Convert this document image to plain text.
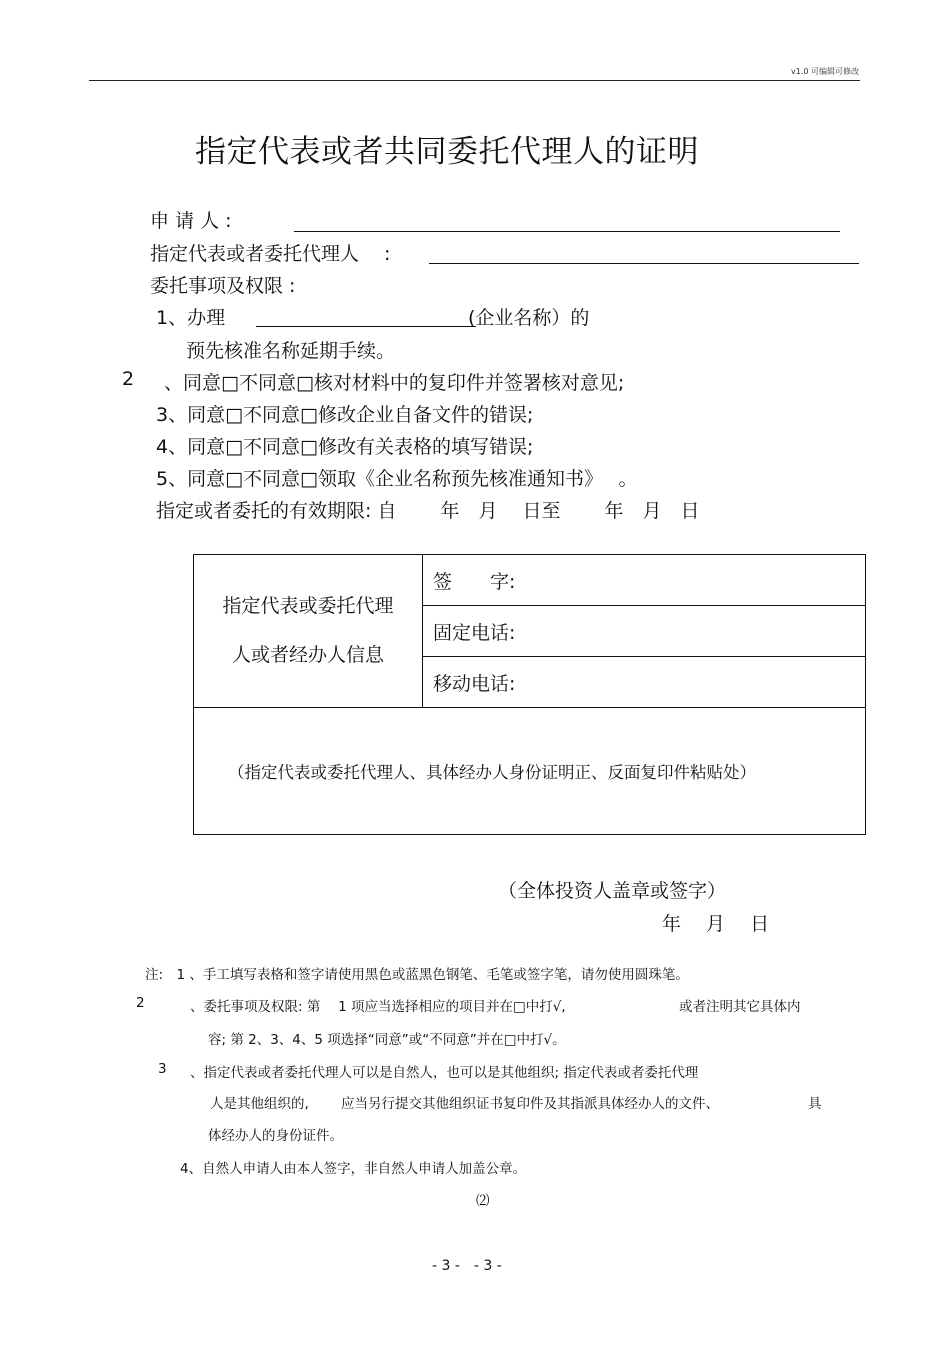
v1.0 可编辑可修改
指定代表或者共同委托代理人的证明
申 请 人 :
指定代表或者委托代理人　 :
委托事项及权限 :
1、办理	(企业名称）的
预先核准名称延期手续。
2 、同意□不同意□核对材料中的复印件并签署核对意见;
3、同意□不同意□修改企业自备文件的错误;
4、同意□不同意□修改有关表格的填写错误;
5、同意□不同意□领取《企业名称预先核准通知书》　 。
指定或者委托的有效期限: 自　　 年　月　 日至　　 年　月　日
指定代表或委托代理
人或者经办人信息
	签　　字:
固定电话:
移动电话:
（指定代表或委托代理人、具体经办人身份证明正、反面复印件粘贴处）
（全体投资人盖章或签字）
年　 月　 日
注:　1 、手工填写表格和签字请使用黑色或蓝黑色钢笔、毛笔或签字笔，请勿使用圆珠笔。
2	、委托事项及权限: 第　 1 项应当选择相应的项目并在□中打√,	或者注明其它具体内
容; 第 2、3、4、5 项选择“同意”或“不同意”并在□中打√。
3 、指定代表或者委托代理人可以是自然人，也可以是其他组织; 指定代表或者委托代理
人是其他组织的, 应当另行提交其他组织证书复印件及其指派具体经办人的文件、	具
体经办人的身份证件。
4、自然人申请人由本人签字，非自然人申请人加盖公章。
⑵
- 3 -　- 3 -
